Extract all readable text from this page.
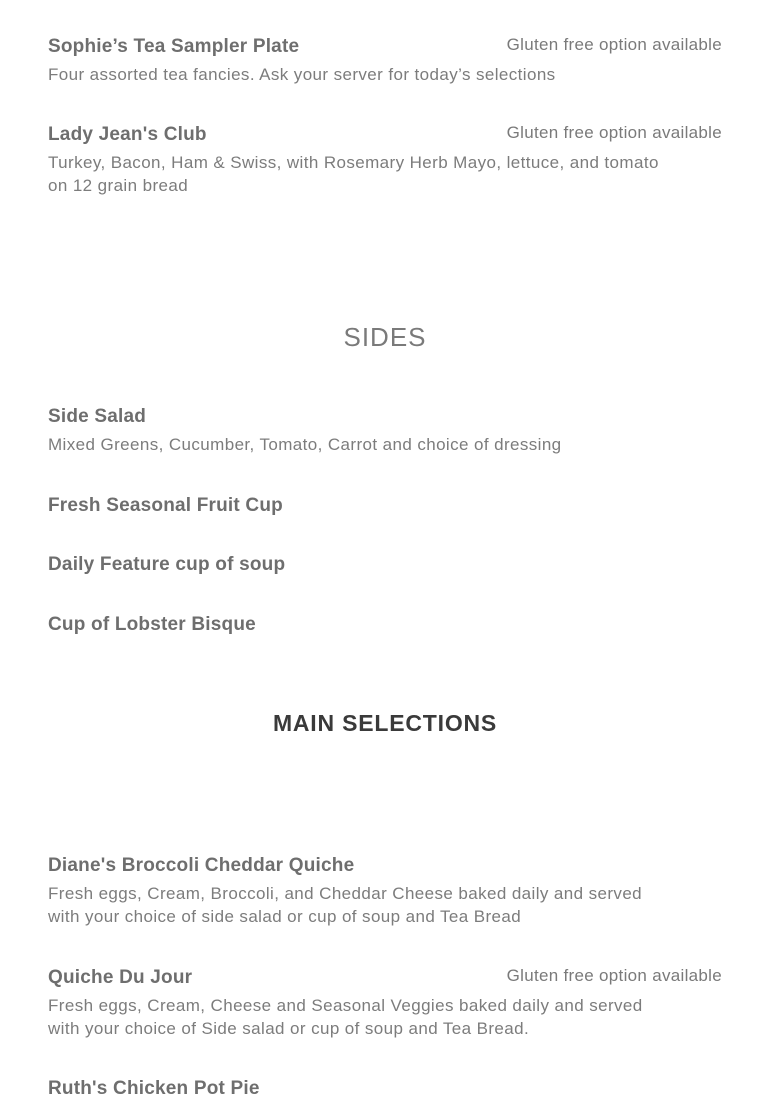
Sophie’s Tea Sampler Plate	Gluten free option available
Four assorted tea fancies. Ask your server for today’s selections
Lady Jean's Club	Gluten free option available
Turkey, Bacon, Ham & Swiss, with Rosemary Herb Mayo, lettuce, and tomato on 12 grain bread
SIDES
Side Salad
Mixed Greens, Cucumber, Tomato, Carrot and choice of dressing
Fresh Seasonal Fruit Cup
Daily Feature cup of soup
Cup of Lobster Bisque
MAIN SELECTIONS
Diane's Broccoli Cheddar Quiche
Fresh eggs, Cream, Broccoli, and Cheddar Cheese baked daily and served with your choice of side salad or cup of soup and Tea Bread
Quiche Du Jour	Gluten free option available
Fresh eggs, Cream, Cheese and Seasonal Veggies baked daily and served with your choice of Side salad or cup of soup and Tea Bread.
Ruth's Chicken Pot Pie
